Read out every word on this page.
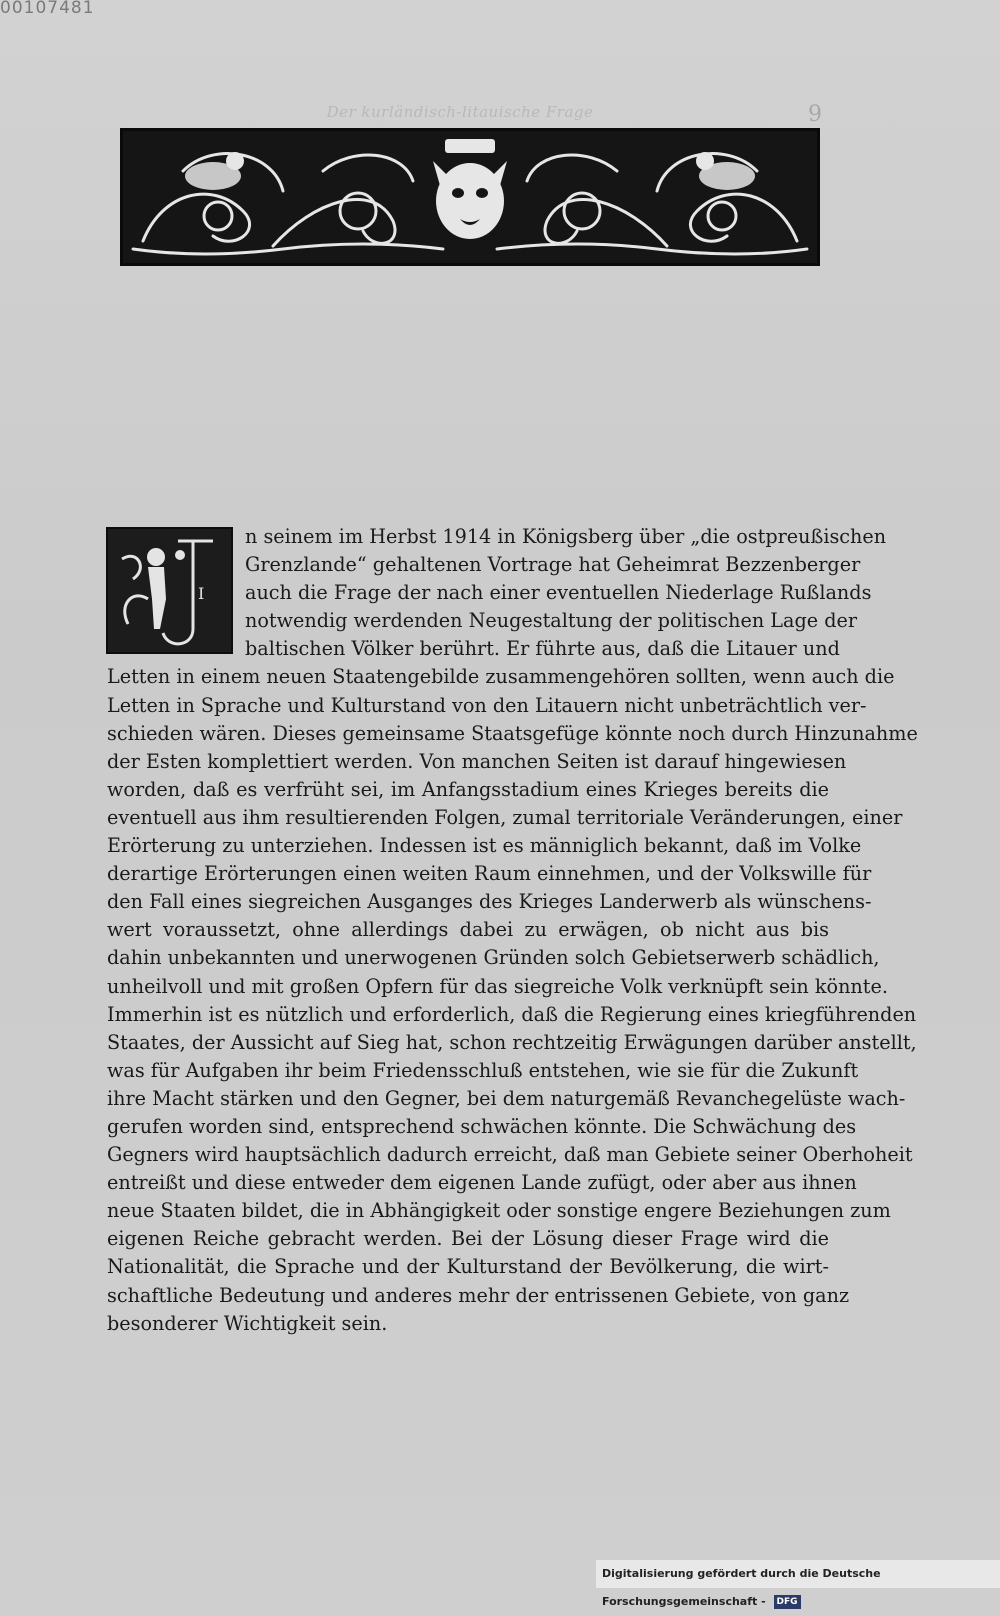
00107481
Der kurländisch-litauische Frage	9
I
n seinem im Herbst 1914 in Königsberg über „die ostpreußischen
Grenzlande“ gehaltenen Vortrage hat Geheimrat Bezzenberger
auch die Frage der nach einer eventuellen Niederlage Rußlands
notwendig werdenden Neugestaltung der politischen Lage der
baltischen Völker berührt. Er führte aus, daß die Litauer und
Letten in einem neuen Staatengebilde zusammengehören sollten, wenn auch die
Letten in Sprache und Kulturstand von den Litauern nicht unbeträchtlich ver-
schieden wären. Dieses gemeinsame Staatsgefüge könnte noch durch Hinzunahme
der Esten komplettiert werden. Von manchen Seiten ist darauf hingewiesen
worden, daß es verfrüht sei, im Anfangsstadium eines Krieges bereits die
eventuell aus ihm resultierenden Folgen, zumal territoriale Veränderungen, einer
Erörterung zu unterziehen. Indessen ist es männiglich bekannt, daß im Volke
derartige Erörterungen einen weiten Raum einnehmen, und der Volkswille für
den Fall eines siegreichen Ausganges des Krieges Landerwerb als wünschens-
wert voraussetzt, ohne allerdings dabei zu erwägen, ob nicht aus bis
dahin unbekannten und unerwogenen Gründen solch Gebietserwerb schädlich,
unheilvoll und mit großen Opfern für das siegreiche Volk verknüpft sein könnte.
Immerhin ist es nützlich und erforderlich, daß die Regierung eines kriegführenden
Staates, der Aussicht auf Sieg hat, schon rechtzeitig Erwägungen darüber anstellt,
was für Aufgaben ihr beim Friedensschluß entstehen, wie sie für die Zukunft
ihre Macht stärken und den Gegner, bei dem naturgemäß Revanchegelüste wach-
gerufen worden sind, entsprechend schwächen könnte. Die Schwächung des
Gegners wird hauptsächlich dadurch erreicht, daß man Gebiete seiner Oberhoheit
entreißt und diese entweder dem eigenen Lande zufügt, oder aber aus ihnen
neue Staaten bildet, die in Abhängigkeit oder sonstige engere Beziehungen zum
eigenen Reiche gebracht werden. Bei der Lösung dieser Frage wird die
Nationalität, die Sprache und der Kulturstand der Bevölkerung, die wirt-
schaftliche Bedeutung und anderes mehr der entrissenen Gebiete, von ganz
besonderer Wichtigkeit sein.
Digitalisierung gefördert durch die Deutsche Forschungsgemeinschaft - DFG
